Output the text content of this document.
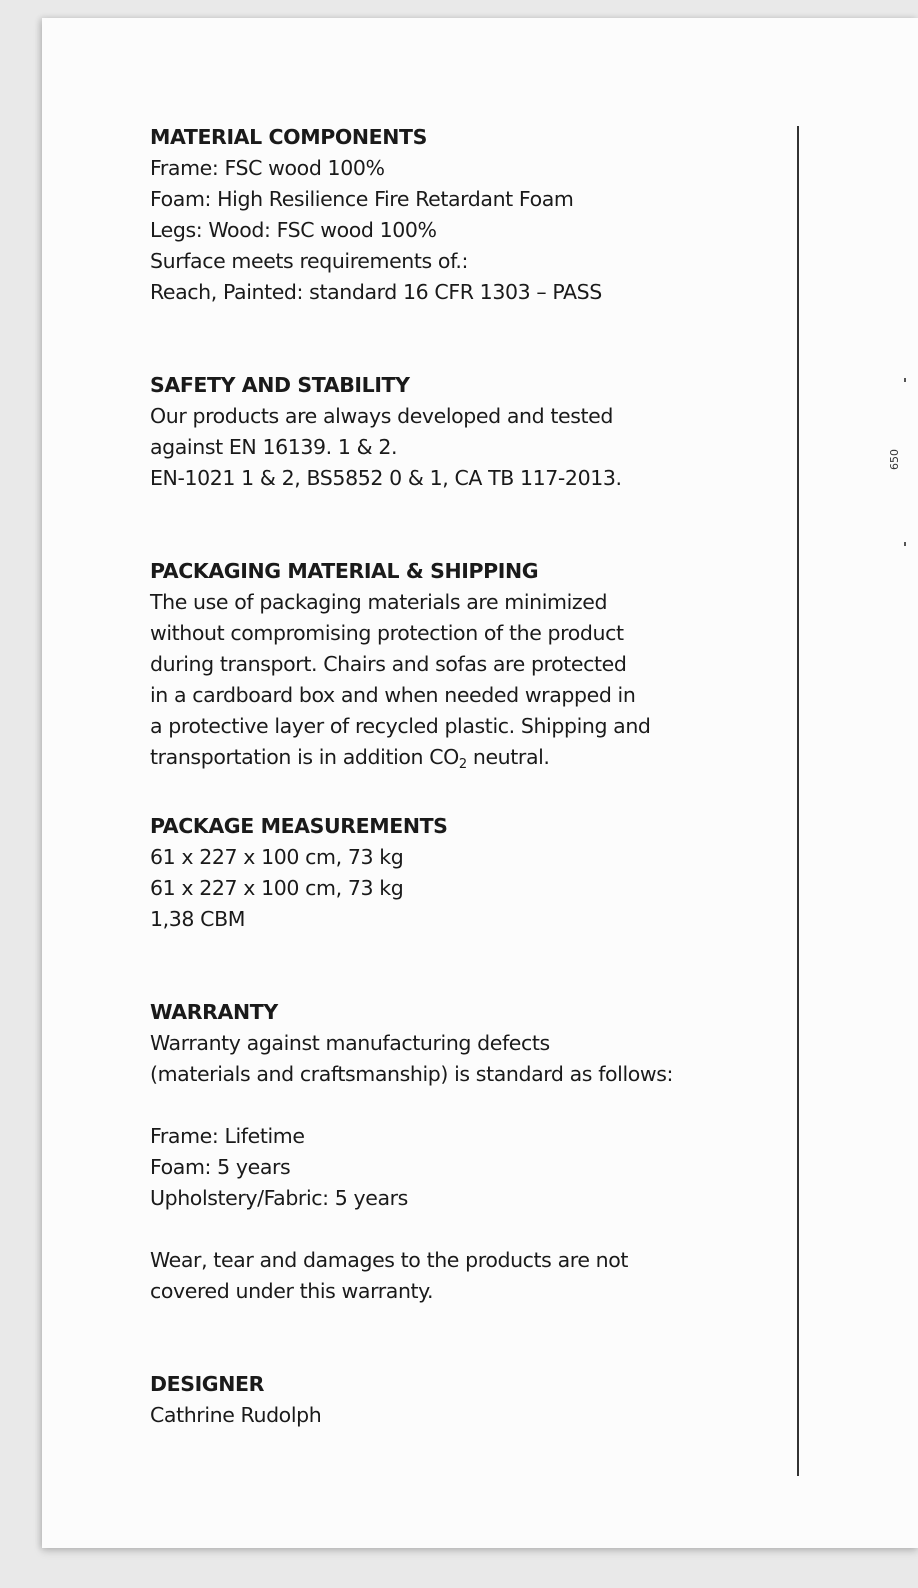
MATERIAL COMPONENTS
Frame: FSC wood 100%
Foam: High Resilience Fire Retardant Foam
Legs: Wood: FSC wood 100%
Surface meets requirements of.:
Reach, Painted: standard 16 CFR 1303 – PASS
SAFETY AND STABILITY
Our products are always developed and tested
against EN 16139. 1 & 2.
EN-1021 1 & 2, BS5852 0 & 1, CA TB 117-2013.
PACKAGING MATERIAL & SHIPPING
The use of packaging materials are minimized
without compromising protection of the product
during transport. Chairs and sofas are protected
in a cardboard box and when needed wrapped in
a protective layer of recycled plastic. Shipping and
transportation is in addition CO2 neutral.
PACKAGE MEASUREMENTS
61 x 227 x 100 cm, 73 kg
61 x 227 x 100 cm, 73 kg
1,38 CBM
WARRANTY
Warranty against manufacturing defects
(materials and craftsmanship) is standard as follows:
Frame: Lifetime
Foam: 5 years
Upholstery/Fabric: 5 years
Wear, tear and damages to the products are not
covered under this warranty.
DESIGNER
Cathrine Rudolph
650
